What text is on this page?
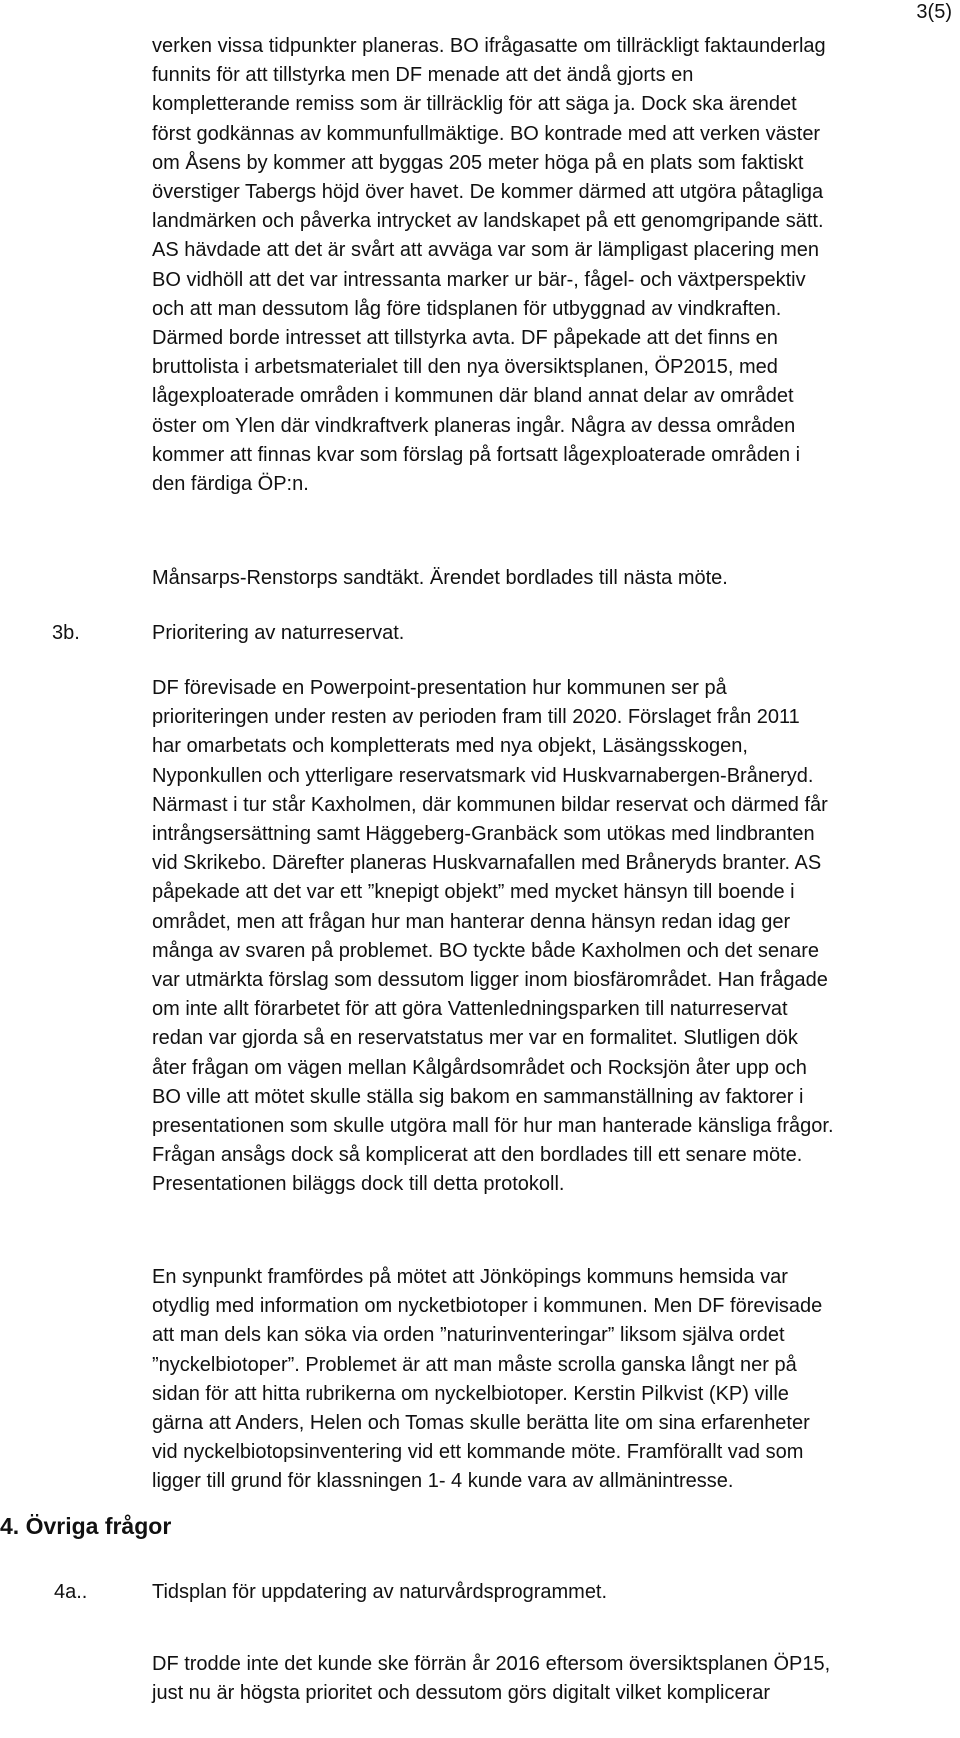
3(5)
verken vissa tidpunkter planeras. BO ifrågasatte om tillräckligt faktaunderlag
funnits för att tillstyrka men DF menade att det ändå gjorts en
kompletterande remiss som är tillräcklig för att säga ja. Dock ska ärendet
först godkännas av kommunfullmäktige. BO kontrade med att verken väster
om Åsens by kommer att byggas 205 meter höga på en plats som faktiskt
överstiger Tabergs höjd över havet. De kommer därmed att utgöra påtagliga
landmärken och påverka intrycket av landskapet på ett genomgripande sätt.
AS hävdade att det är svårt att avväga var som är lämpligast placering men
BO vidhöll att det var intressanta marker ur bär-, fågel- och växtperspektiv
och att man dessutom låg före tidsplanen för utbyggnad av vindkraften.
Därmed borde intresset att tillstyrka avta. DF påpekade att det finns en
bruttolista i arbetsmaterialet till den nya översiktsplanen, ÖP2015, med
lågexploaterade områden i kommunen där bland annat delar av området
öster om Ylen där vindkraftverk planeras ingår. Några av dessa områden
kommer att finnas kvar som förslag på fortsatt lågexploaterade områden i
den färdiga ÖP:n.
Månsarps-Renstorps sandtäkt. Ärendet bordlades till nästa möte.
3b.	Prioritering av naturreservat.
DF förevisade en Powerpoint-presentation hur kommunen ser på
prioriteringen under resten av perioden fram till 2020. Förslaget från 2011
har omarbetats och kompletterats med nya objekt, Läsängsskogen,
Nyponkullen och ytterligare reservatsmark vid Huskvarnabergen-Bråneryd.
Närmast i tur står Kaxholmen, där kommunen bildar reservat och därmed får
intrångsersättning samt Häggeberg-Granbäck som utökas med lindbranten
vid Skrikebo. Därefter planeras Huskvarnafallen med Bråneryds branter. AS
påpekade att det var ett ”knepigt objekt” med mycket hänsyn till boende i
området, men att frågan hur man hanterar denna hänsyn redan idag ger
många av svaren på problemet. BO tyckte både Kaxholmen och det senare
var utmärkta förslag som dessutom ligger inom biosfärområdet. Han frågade
om inte allt förarbetet för att göra Vattenledningsparken till naturreservat
redan var gjorda så en reservatstatus mer var en formalitet. Slutligen dök
åter frågan om vägen mellan Kålgårdsområdet och Rocksjön åter upp och
BO ville att mötet skulle ställa sig bakom en sammanställning av faktorer i
presentationen som skulle utgöra mall för hur man hanterade känsliga frågor.
Frågan ansågs dock så komplicerat att den bordlades till ett senare möte.
Presentationen biläggs dock till detta protokoll.
En synpunkt framfördes på mötet att Jönköpings kommuns hemsida var
otydlig med information om nycketbiotoper i kommunen. Men DF förevisade
att man dels kan söka via orden ”naturinventeringar” liksom själva ordet
”nyckelbiotoper”. Problemet är att man måste scrolla ganska långt ner på
sidan för att hitta rubrikerna om nyckelbiotoper. Kerstin Pilkvist (KP) ville
gärna att Anders, Helen och Tomas skulle berätta lite om sina erfarenheter
vid nyckelbiotopsinventering vid ett kommande möte. Framförallt vad som
ligger till grund för klassningen 1- 4 kunde vara av allmänintresse.
4. Övriga frågor
4a..	Tidsplan för uppdatering av naturvårdsprogrammet.
DF trodde inte det kunde ske förrän år 2016 eftersom översiktsplanen ÖP15,
just nu är högsta prioritet och dessutom görs digitalt vilket komplicerar
